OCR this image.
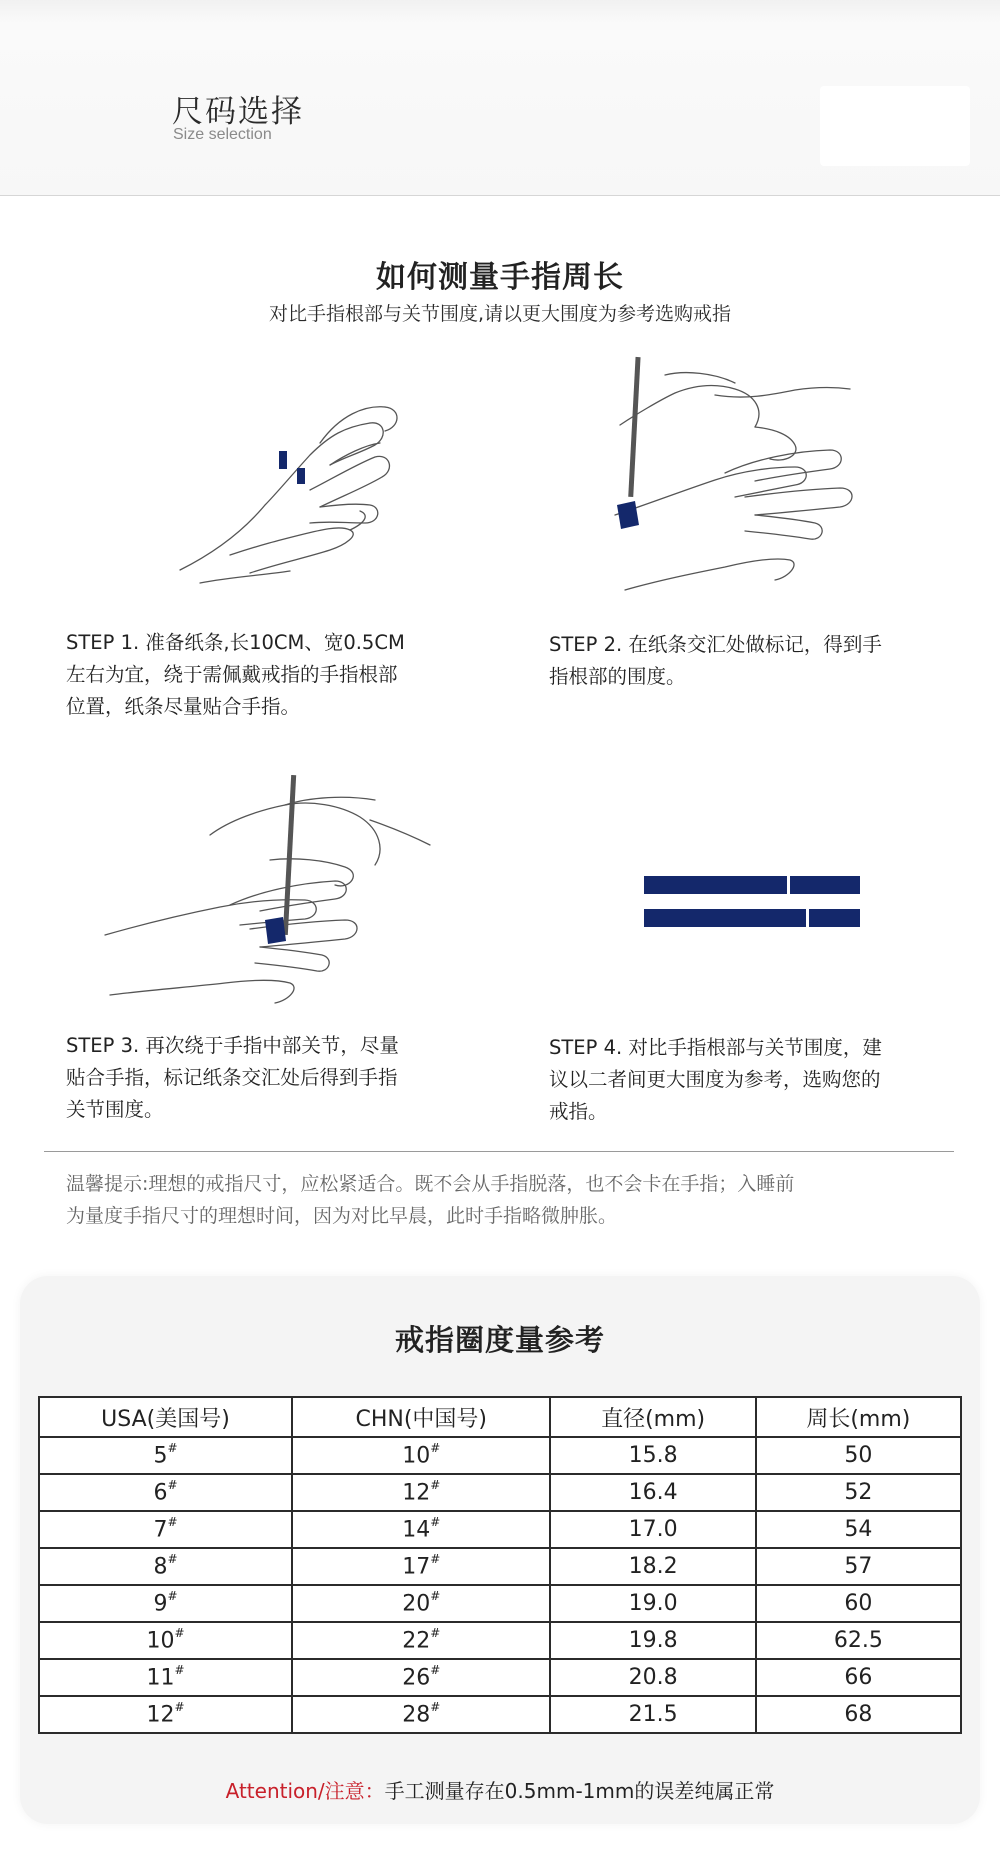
尺码选择
Size selection
如何测量手指周长
对比手指根部与关节围度,请以更大围度为参考选购戒指
STEP 1. 准备纸条,长10CM、宽0.5CM
左右为宜，绕于需佩戴戒指的手指根部
位置，纸条尽量贴合手指。
STEP 2. 在纸条交汇处做标记，得到手
指根部的围度。
STEP 3. 再次绕于手指中部关节，尽量
贴合手指，标记纸条交汇处后得到手指
关节围度。
STEP 4. 对比手指根部与关节围度，建
议以二者间更大围度为参考，选购您的
戒指。
温馨提示:理想的戒指尺寸，应松紧适合。既不会从手指脱落，也不会卡在手指；入睡前
为量度手指尺寸的理想时间，因为对比早晨，此时手指略微肿胀。
戒指圈度量参考
USA(美国号)	CHN(中国号)	直径(mm)	周长(mm)
5#	10#	15.8	50
6#	12#	16.4	52
7#	14#	17.0	54
8#	17#	18.2	57
9#	20#	19.0	60
10#	22#	19.8	62.5
11#	26#	20.8	66
12#	28#	21.5	68
Attention/注意：手工测量存在0.5mm-1mm的误差纯属正常
